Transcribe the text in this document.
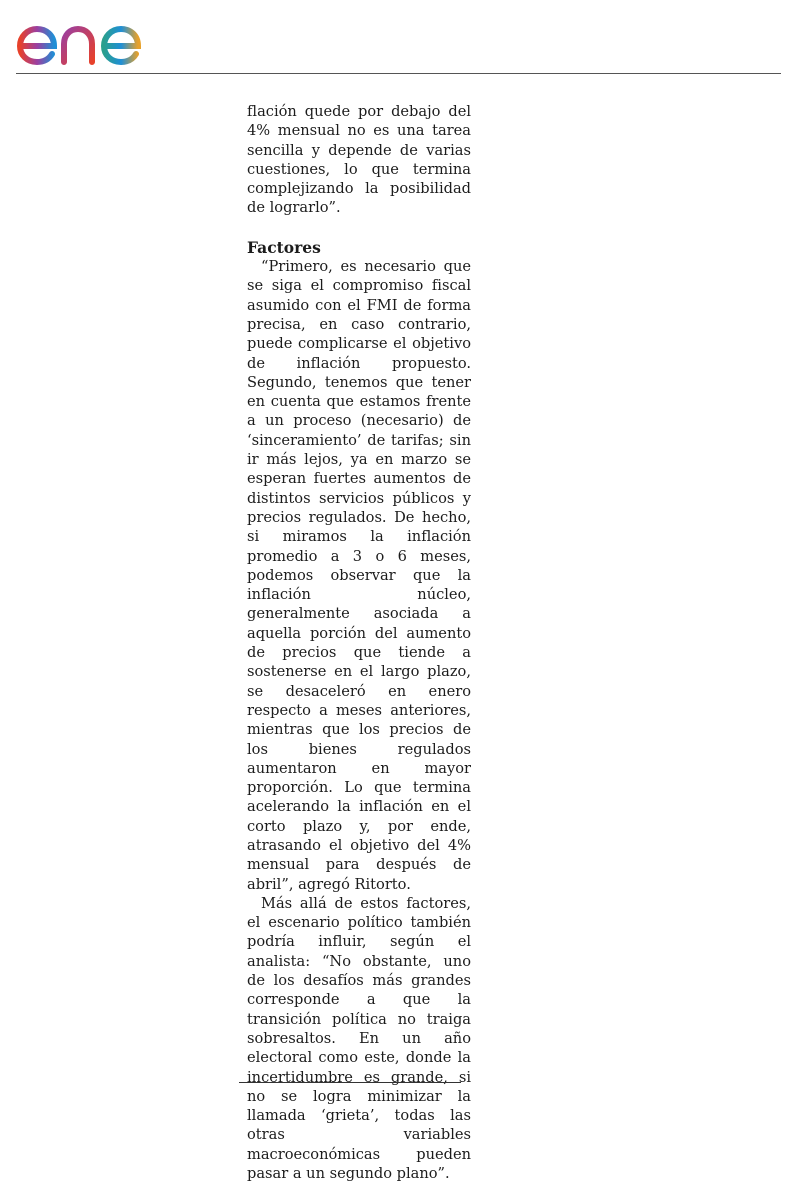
flación quede por debajo del 4% mensual no es una tarea sencilla y depende de varias cuestiones, lo que termina complejizando la posibilidad de lograrlo”.

Factores

“Primero, es necesario que se siga el compromiso fiscal asumido con el FMI de forma precisa, en caso contrario, puede complicarse el objetivo de inflación propuesto. Segundo, tenemos que tener en cuenta que estamos frente a un proceso (necesario) de ‘sinceramiento’ de tarifas; sin ir más lejos, ya en marzo se esperan fuertes aumentos de distintos servicios públicos y precios regulados. De hecho, si miramos la inflación promedio a 3 o 6 meses, podemos observar que la inflación núcleo, generalmente asociada a aquella porción del aumento de precios que tiende a sostenerse en el largo plazo, se desaceleró en enero respecto a meses anteriores, mientras que los precios de los bienes regulados aumentaron en mayor proporción. Lo que termina acelerando la inflación en el corto plazo y, por ende, atrasando el objetivo del 4% mensual para después de abril”, agregó Ritorto.

Más allá de estos factores, el escenario político también podría influir, según el analista: “No obstante, uno de los desafíos más grandes corresponde a que la transición política no traiga sobresaltos. En un año electoral como este, donde la incertidumbre es grande, si no se logra minimizar la llamada ‘grieta’, todas las otras variables macroeconómicas pueden pasar a un segundo plano”.
